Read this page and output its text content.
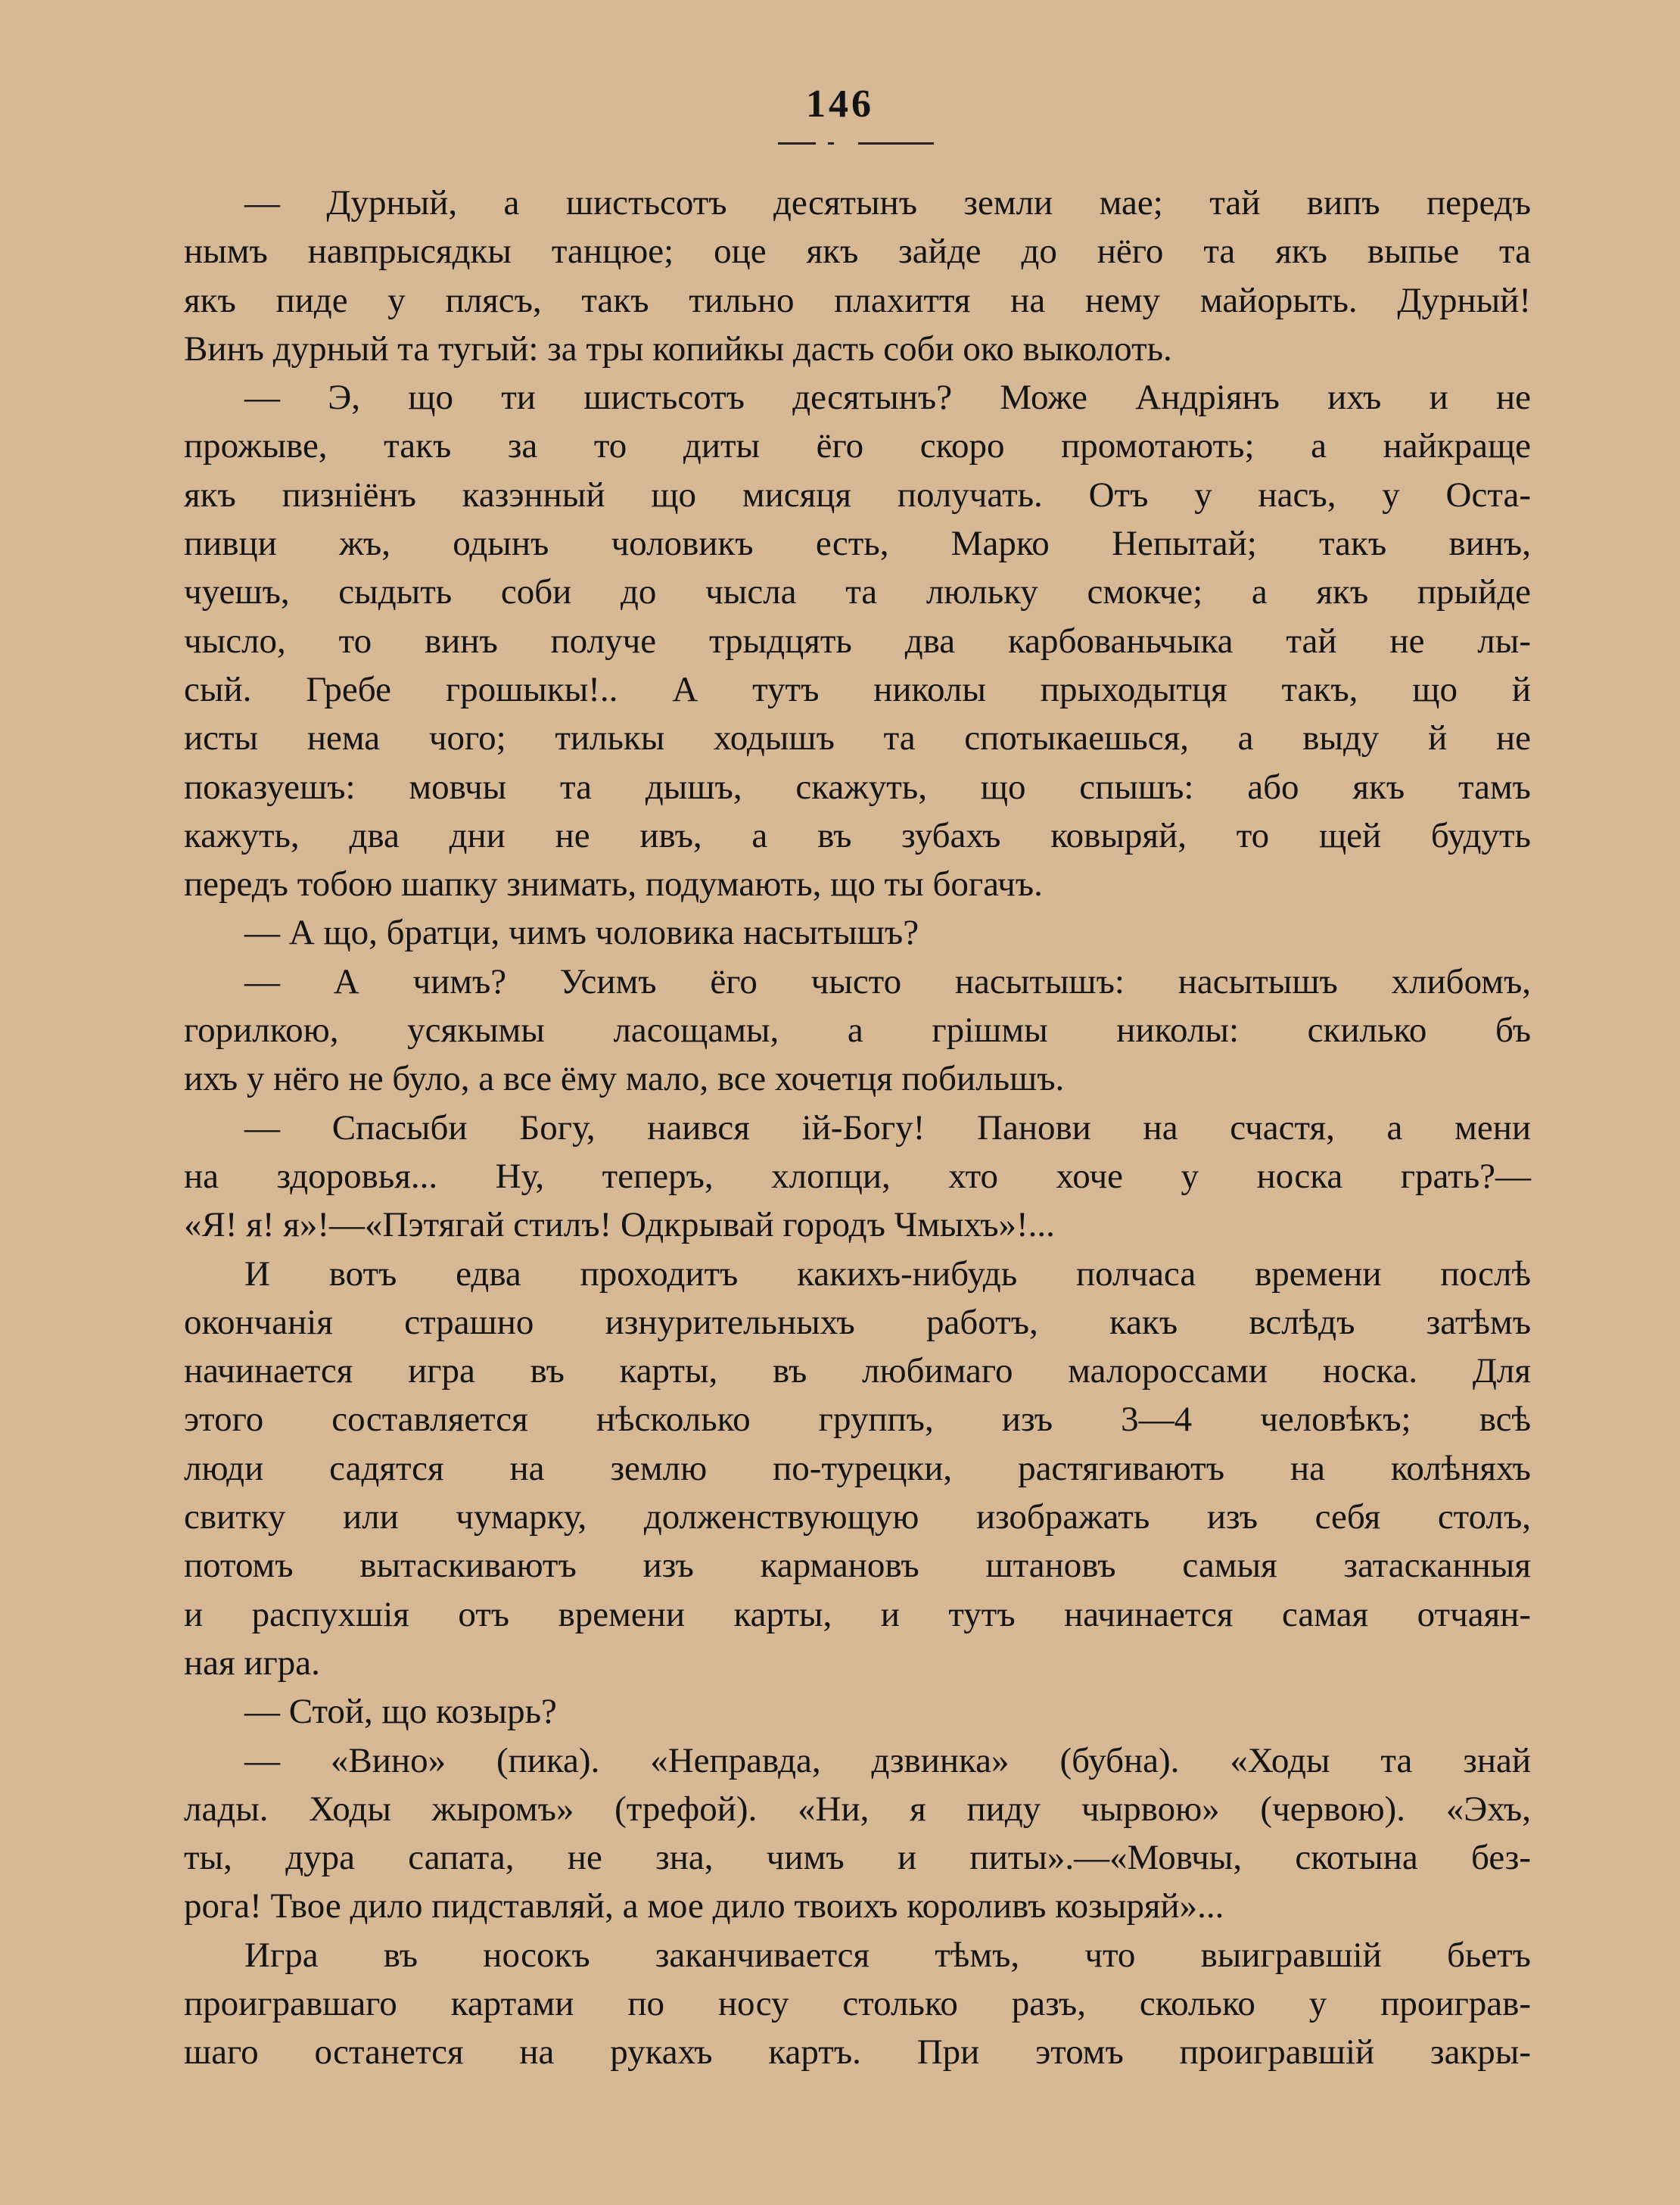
146
— Дурный, а шистьсотъ десятынъ земли мае; тай випъ передъ
нымъ навпрысядкы танцюе; оце якъ зайде до нёго та якъ выпье та
якъ пиде у плясъ, такъ тильно плахиття на нему майорыть. Дурный!
Винъ дурный та тугый: за тры копийкы дасть соби око выколоть.
— Э, що ти шистьсотъ десятынъ? Може Андріянъ ихъ и не
прожыве, такъ за то диты ёго скоро промотають; а найкраще
якъ пизніёнъ казэнный що мисяця получать. Отъ у насъ, у Оста-
пивци жъ, одынъ чоловикъ есть, Марко Непытай; такъ винъ,
чуешъ, сыдыть соби до чысла та люльку смокче; а якъ прыйде
чысло, то винъ получе трыдцять два карбованьчыка тай не лы-
сый. Гребе грошыкы!.. А тутъ николы прыходытця такъ, що й
исты нема чого; тилькы ходышъ та спотыкаешься, а выду й не
показуешъ: мовчы та дышъ, скажуть, що спышъ: або якъ тамъ
кажуть, два дни не ивъ, а въ зубахъ ковыряй, то щей будуть
передъ тобою шапку знимать, подумають, що ты богачъ.
— А що, братци, чимъ чоловика насытышъ?
— А чимъ? Усимъ ёго чысто насытышъ: насытышъ хлибомъ,
горилкою, усякымы ласощамы, а грішмы николы: скилько бъ
ихъ у нёго не було, а все ёму мало, все хочетця побильшъ.
— Спасыби Богу, наився ій-Богу! Панови на счастя, а мени
на здоровья... Ну, теперъ, хлопци, хто хоче у носка грать?—
«Я! я! я»!—«Пэтягай стилъ! Одкрывай городъ Чмыхъ»!...
И вотъ едва проходитъ какихъ-нибудь полчаса времени послѣ
окончанія страшно изнурительныхъ работъ, какъ вслѣдъ затѣмъ
начинается игра въ карты, въ любимаго малороссами носка. Для
этого составляется нѣсколько группъ, изъ 3—4 человѣкъ; всѣ
люди садятся на землю по-турецки, растягиваютъ на колѣняхъ
свитку или чумарку, долженствующую изображать изъ себя столъ,
потомъ вытаскиваютъ изъ кармановъ штановъ самыя затасканныя
и распухшія отъ времени карты, и тутъ начинается самая отчаян-
ная игра.
— Стой, що козырь?
— «Вино» (пика). «Неправда, дзвинка» (бубна). «Ходы та знай
лады. Ходы жыромъ» (трефой). «Ни, я пиду чырвою» (червою). «Эхъ,
ты, дура сапата, не зна, чимъ и питы».—«Мовчы, скотына без-
рога! Твое дило пидставляй, а мое дило твоихъ короливъ козыряй»...
Игра въ носокъ заканчивается тѣмъ, что выигравшій бьетъ
проигравшаго картами по носу столько разъ, сколько у проиграв-
шаго останется на рукахъ картъ. При этомъ проигравшій закры-
